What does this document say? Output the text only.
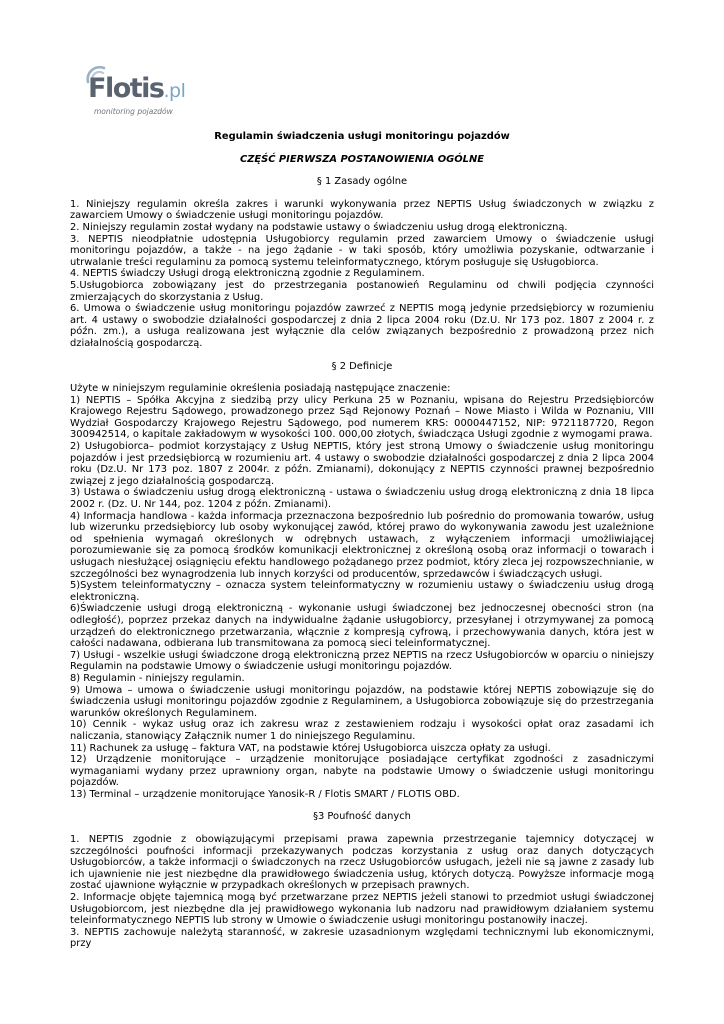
Flotis.pl
monitoring pojazdów

Regulamin świadczenia usługi monitoringu pojazdów

CZĘŚĆ PIERWSZA POSTANOWIENIA OGÓLNE

§ 1 Zasady ogólne

1. Niniejszy regulamin określa zakres i warunki wykonywania przez NEPTIS Usług świadczonych w związku z zawarciem Umowy o świadczenie usługi monitoringu pojazdów.

2. Niniejszy regulamin został wydany na podstawie ustawy o świadczeniu usług drogą elektroniczną.

3. NEPTIS nieodpłatnie udostępnia Usługobiorcy regulamin przed zawarciem Umowy o świadczenie usługi monitoringu pojazdów, a także - na jego żądanie - w taki sposób, który umożliwia pozyskanie, odtwarzanie i utrwalanie treści regulaminu za pomocą systemu teleinformatycznego, którym posługuje się Usługobiorca.

4. NEPTIS świadczy Usługi drogą elektroniczną zgodnie z Regulaminem.

5.Usługobiorca zobowiązany jest do przestrzegania postanowień Regulaminu od chwili podjęcia czynności zmierzających do skorzystania z Usług.

6. Umowa o świadczenie usług monitoringu pojazdów zawrzeć z NEPTIS mogą jedynie przedsiębiorcy w rozumieniu art. 4 ustawy o swobodzie działalności gospodarczej z dnia 2 lipca 2004 roku (Dz.U. Nr 173 poz. 1807 z 2004 r. z późn. zm.), a usługa realizowana jest wyłącznie dla celów związanych bezpośrednio z prowadzoną przez nich działalnością gospodarczą.

§ 2 Definicje

Użyte w niniejszym regulaminie określenia posiadają następujące znaczenie:

1) NEPTIS – Spółka Akcyjna z siedzibą przy ulicy Perkuna 25 w Poznaniu, wpisana do Rejestru Przedsiębiorców Krajowego Rejestru Sądowego, prowadzonego przez Sąd Rejonowy Poznań – Nowe Miasto i Wilda w Poznaniu, VIII Wydział Gospodarczy Krajowego Rejestru Sądowego, pod numerem KRS: 0000447152, NIP: 9721187720, Regon 300942514, o kapitale zakładowym w wysokości 100. 000,00 złotych, świadcząca Usługi zgodnie z wymogami prawa.

2) Usługobiorca– podmiot korzystający z Usług NEPTIS, który jest stroną Umowy o świadczenie usług monitoringu pojazdów i jest przedsiębiorcą w rozumieniu art. 4 ustawy o swobodzie działalności gospodarczej z dnia 2 lipca 2004 roku (Dz.U. Nr 173 poz. 1807 z 2004r. z późn. Zmianami), dokonujący z NEPTIS czynności prawnej bezpośrednio związej z jego działalnością gospodarczą.

3) Ustawa o świadczeniu usług drogą elektroniczną - ustawa o świadczeniu usług drogą elektroniczną z dnia 18 lipca 2002 r. (Dz. U. Nr 144, poz. 1204 z późn. Zmianami).

4) Informacja handlowa - każda informacja przeznaczona bezpośrednio lub pośrednio do promowania towarów, usług lub wizerunku przedsiębiorcy lub osoby wykonującej zawód, której prawo do wykonywania zawodu jest uzależnione od spełnienia wymagań określonych w odrębnych ustawach, z wyłączeniem informacji umożliwiającej porozumiewanie się za pomocą środków komunikacji elektronicznej z określoną osobą oraz informacji o towarach i usługach niesłużącej osiągnięciu efektu handlowego pożądanego przez podmiot, który zleca jej rozpowszechnianie, w szczególności bez wynagrodzenia lub innych korzyści od producentów, sprzedawców i świadczących usługi.

5)System teleinformatyczny – oznacza system teleinformatyczny w rozumieniu ustawy o świadczeniu usług drogą elektroniczną.

6)Świadczenie usługi drogą elektroniczną - wykonanie usługi świadczonej bez jednoczesnej obecności stron (na odległość), poprzez przekaz danych na indywidualne żądanie usługobiorcy, przesyłanej i otrzymywanej za pomocą urządzeń do elektronicznego przetwarzania, włącznie z kompresją cyfrową, i przechowywania danych, która jest w całości nadawana, odbierana lub transmitowana za pomocą sieci teleinformatycznej.

7) Usługi - wszelkie usługi świadczone drogą elektroniczną przez NEPTIS na rzecz Usługobiorców w oparciu o niniejszy Regulamin na podstawie Umowy o świadczenie usługi monitoringu pojazdów.

8) Regulamin - niniejszy regulamin.

9) Umowa – umowa o świadczenie usługi monitoringu pojazdów, na podstawie której NEPTIS zobowiązuje się do świadczenia usługi monitoringu pojazdów zgodnie z Regulaminem, a Usługobiorca zobowiązuje się do przestrzegania warunków określonych Regulaminem.

10) Cennik - wykaz usług oraz ich zakresu wraz z zestawieniem rodzaju i wysokości opłat oraz zasadami ich naliczania, stanowiący Załącznik numer 1 do niniejszego Regulaminu.

11) Rachunek za usługę – faktura VAT, na podstawie której Usługobiorca uiszcza opłaty za usługi.

12) Urządzenie monitorujące – urządzenie monitorujące posiadające certyfikat zgodności z zasadniczymi wymaganiami wydany przez uprawniony organ, nabyte na podstawie Umowy o świadczenie usługi monitoringu pojazdów.

13) Terminal – urządzenie monitorujące Yanosik-R / Flotis SMART / FLOTIS OBD.

§3 Poufność danych

1. NEPTIS zgodnie z obowiązującymi przepisami prawa zapewnia przestrzeganie tajemnicy dotyczącej w szczególności poufności informacji przekazywanych podczas korzystania z usług oraz danych dotyczących Usługobiorców, a także informacji o świadczonych na rzecz Usługobiorców usługach, jeżeli nie są jawne z zasady lub ich ujawnienie nie jest niezbędne dla prawidłowego świadczenia usług, których dotyczą. Powyższe informacje mogą zostać ujawnione wyłącznie w przypadkach określonych w przepisach prawnych.

2. Informacje objęte tajemnicą mogą być przetwarzane przez NEPTIS jeżeli stanowi to przedmiot usługi świadczonej Usługobiorcom, jest niezbędne dla jej prawidłowego wykonania lub nadzoru nad prawidłowym działaniem systemu teleinformatycznego NEPTIS lub strony w Umowie o świadczenie usługi monitoringu postanowiły inaczej.

3. NEPTIS zachowuje należytą staranność, w zakresie uzasadnionym względami technicznymi lub ekonomicznymi, przy
